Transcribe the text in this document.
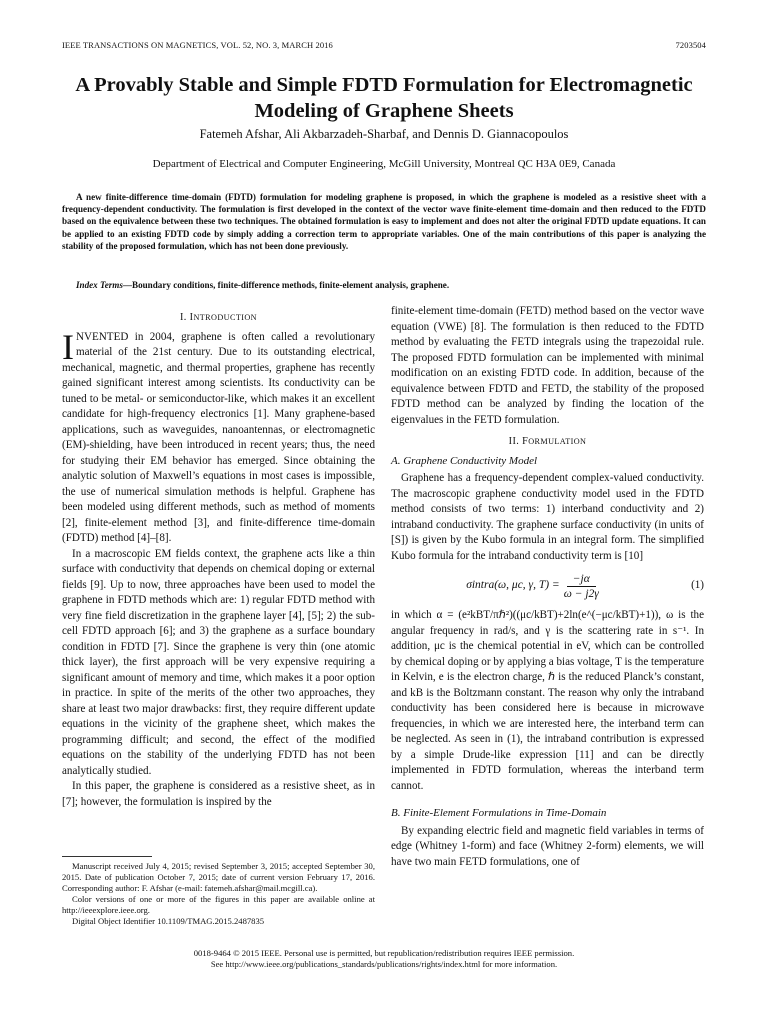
IEEE TRANSACTIONS ON MAGNETICS, VOL. 52, NO. 3, MARCH 2016	7203504
A Provably Stable and Simple FDTD Formulation for Electromagnetic Modeling of Graphene Sheets
Fatemeh Afshar, Ali Akbarzadeh-Sharbaf, and Dennis D. Giannacopoulos
Department of Electrical and Computer Engineering, McGill University, Montreal QC H3A 0E9, Canada
A new finite-difference time-domain (FDTD) formulation for modeling graphene is proposed, in which the graphene is modeled as a resistive sheet with a frequency-dependent conductivity. The formulation is first developed in the context of the vector wave finite-element time-domain and then reduced to the FDTD based on the equivalence between these two techniques. The obtained formulation is easy to implement and does not alter the original FDTD update equations. It can be applied to an existing FDTD code by simply adding a correction term to appropriate variables. One of the main contributions of this paper is analyzing the stability of the proposed formulation, which has not been done previously.
Index Terms—Boundary conditions, finite-difference methods, finite-element analysis, graphene.
I. INTRODUCTION

INVENTED in 2004, graphene is often called a revolutionary material of the 21st century. Due to its outstanding electrical, mechanical, magnetic, and thermal properties, graphene has recently gained significant interest among scientists. Its conductivity can be tuned to be metal- or semiconductor-like, which makes it an excellent candidate for high-frequency electronics [1]. Many graphene-based applications, such as waveguides, nanoantennas, or electromagnetic (EM)-shielding, have been introduced in recent years; thus, the need for studying their EM behavior has emerged. Since obtaining the analytic solution of Maxwell’s equations in most cases is impossible, the use of numerical simulation methods is helpful. Graphene has been modeled using different methods, such as method of moments [2], finite-element method [3], and finite-difference time-domain (FDTD) method [4]–[8].

In a macroscopic EM fields context, the graphene acts like a thin surface with conductivity that depends on chemical doping or external fields [9]. Up to now, three approaches have been used to model the graphene in FDTD methods which are: 1) regular FDTD method with very fine field discretization in the graphene layer [4], [5]; 2) the sub-cell FDTD approach [6]; and 3) the graphene as a surface boundary condition in FDTD [7]. Since the graphene is very thin (one atomic thick layer), the first approach will be very expensive requiring a significant amount of memory and time, which makes it a poor option in practice. In spite of the merits of the other two approaches, they share at least two major drawbacks: first, they require different update equations in the vicinity of the graphene sheet, which makes the programming difficult; and second, the effect of the modified equations on the stability of the underlying FDTD has not been analytically studied.

In this paper, the graphene is considered as a resistive sheet, as in [7]; however, the formulation is inspired by the

finite-element time-domain (FETD) method based on the vector wave equation (VWE) [8]. The formulation is then reduced to the FDTD method by evaluating the FETD integrals using the trapezoidal rule. The proposed FDTD formulation can be implemented with minimal modification on an existing FDTD code. In addition, because of the equivalence between FDTD and FETD, the stability of the proposed FDTD method can be analyzed by finding the location of the eigenvalues in the FETD formulation.

II. FORMULATION
A. Graphene Conductivity Model

Graphene has a frequency-dependent complex-valued conductivity. The macroscopic graphene conductivity model used in the FDTD method consists of two terms: 1) interband conductivity and 2) intraband conductivity. The graphene surface conductivity (in units of [S]) is given by the Kubo formula in an integral form. The simplified Kubo formula for the intraband conductivity term is [10]

σintra(ω, μc, γ, $T) = \frac{-j\alpha}{\omega - j2\gamma}$	(1)

in which α = (e²kBT/πℏ²)((μc/kBT)+2ln(e^(−μc/kBT)+1)), ω is the angular frequency in rad/s, and γ is the scattering rate in s⁻¹. In addition, μc is the chemical potential in eV, which can be controlled by chemical doping or by applying a bias voltage, T is the temperature in Kelvin, e is the electron charge, ℏ is the reduced Planck’s constant, and kB is the Boltzmann constant. The reason why only the intraband conductivity has been considered here is because in microwave frequencies, in which we are interested here, the interband term can be neglected. As seen in (1), the intraband contribution is expressed by a simple Drude-like expression [11] and can be directly implemented in FDTD formulation, whereas the interband term cannot.

B. Finite-Element Formulations in Time-Domain

By expanding electric field and magnetic field variables in terms of edge (Whitney 1-form) and face (Whitney 2-form) elements, we will have two main FETD formulations, one of

Manuscript received July 4, 2015; revised September 3, 2015; accepted September 30, 2015. Date of publication October 7, 2015; date of current version February 17, 2016. Corresponding author: F. Afshar (e-mail: fatemeh.afshar@mail.mcgill.ca).

Color versions of one or more of the figures in this paper are available online at http://ieeexplore.ieee.org.

Digital Object Identifier 10.1109/TMAG.2015.2487835

0018-9464 © 2015 IEEE. Personal use is permitted, but republication/redistribution requires IEEE permission.
See http://www.ieee.org/publications_standards/publications/rights/index.html for more information.
